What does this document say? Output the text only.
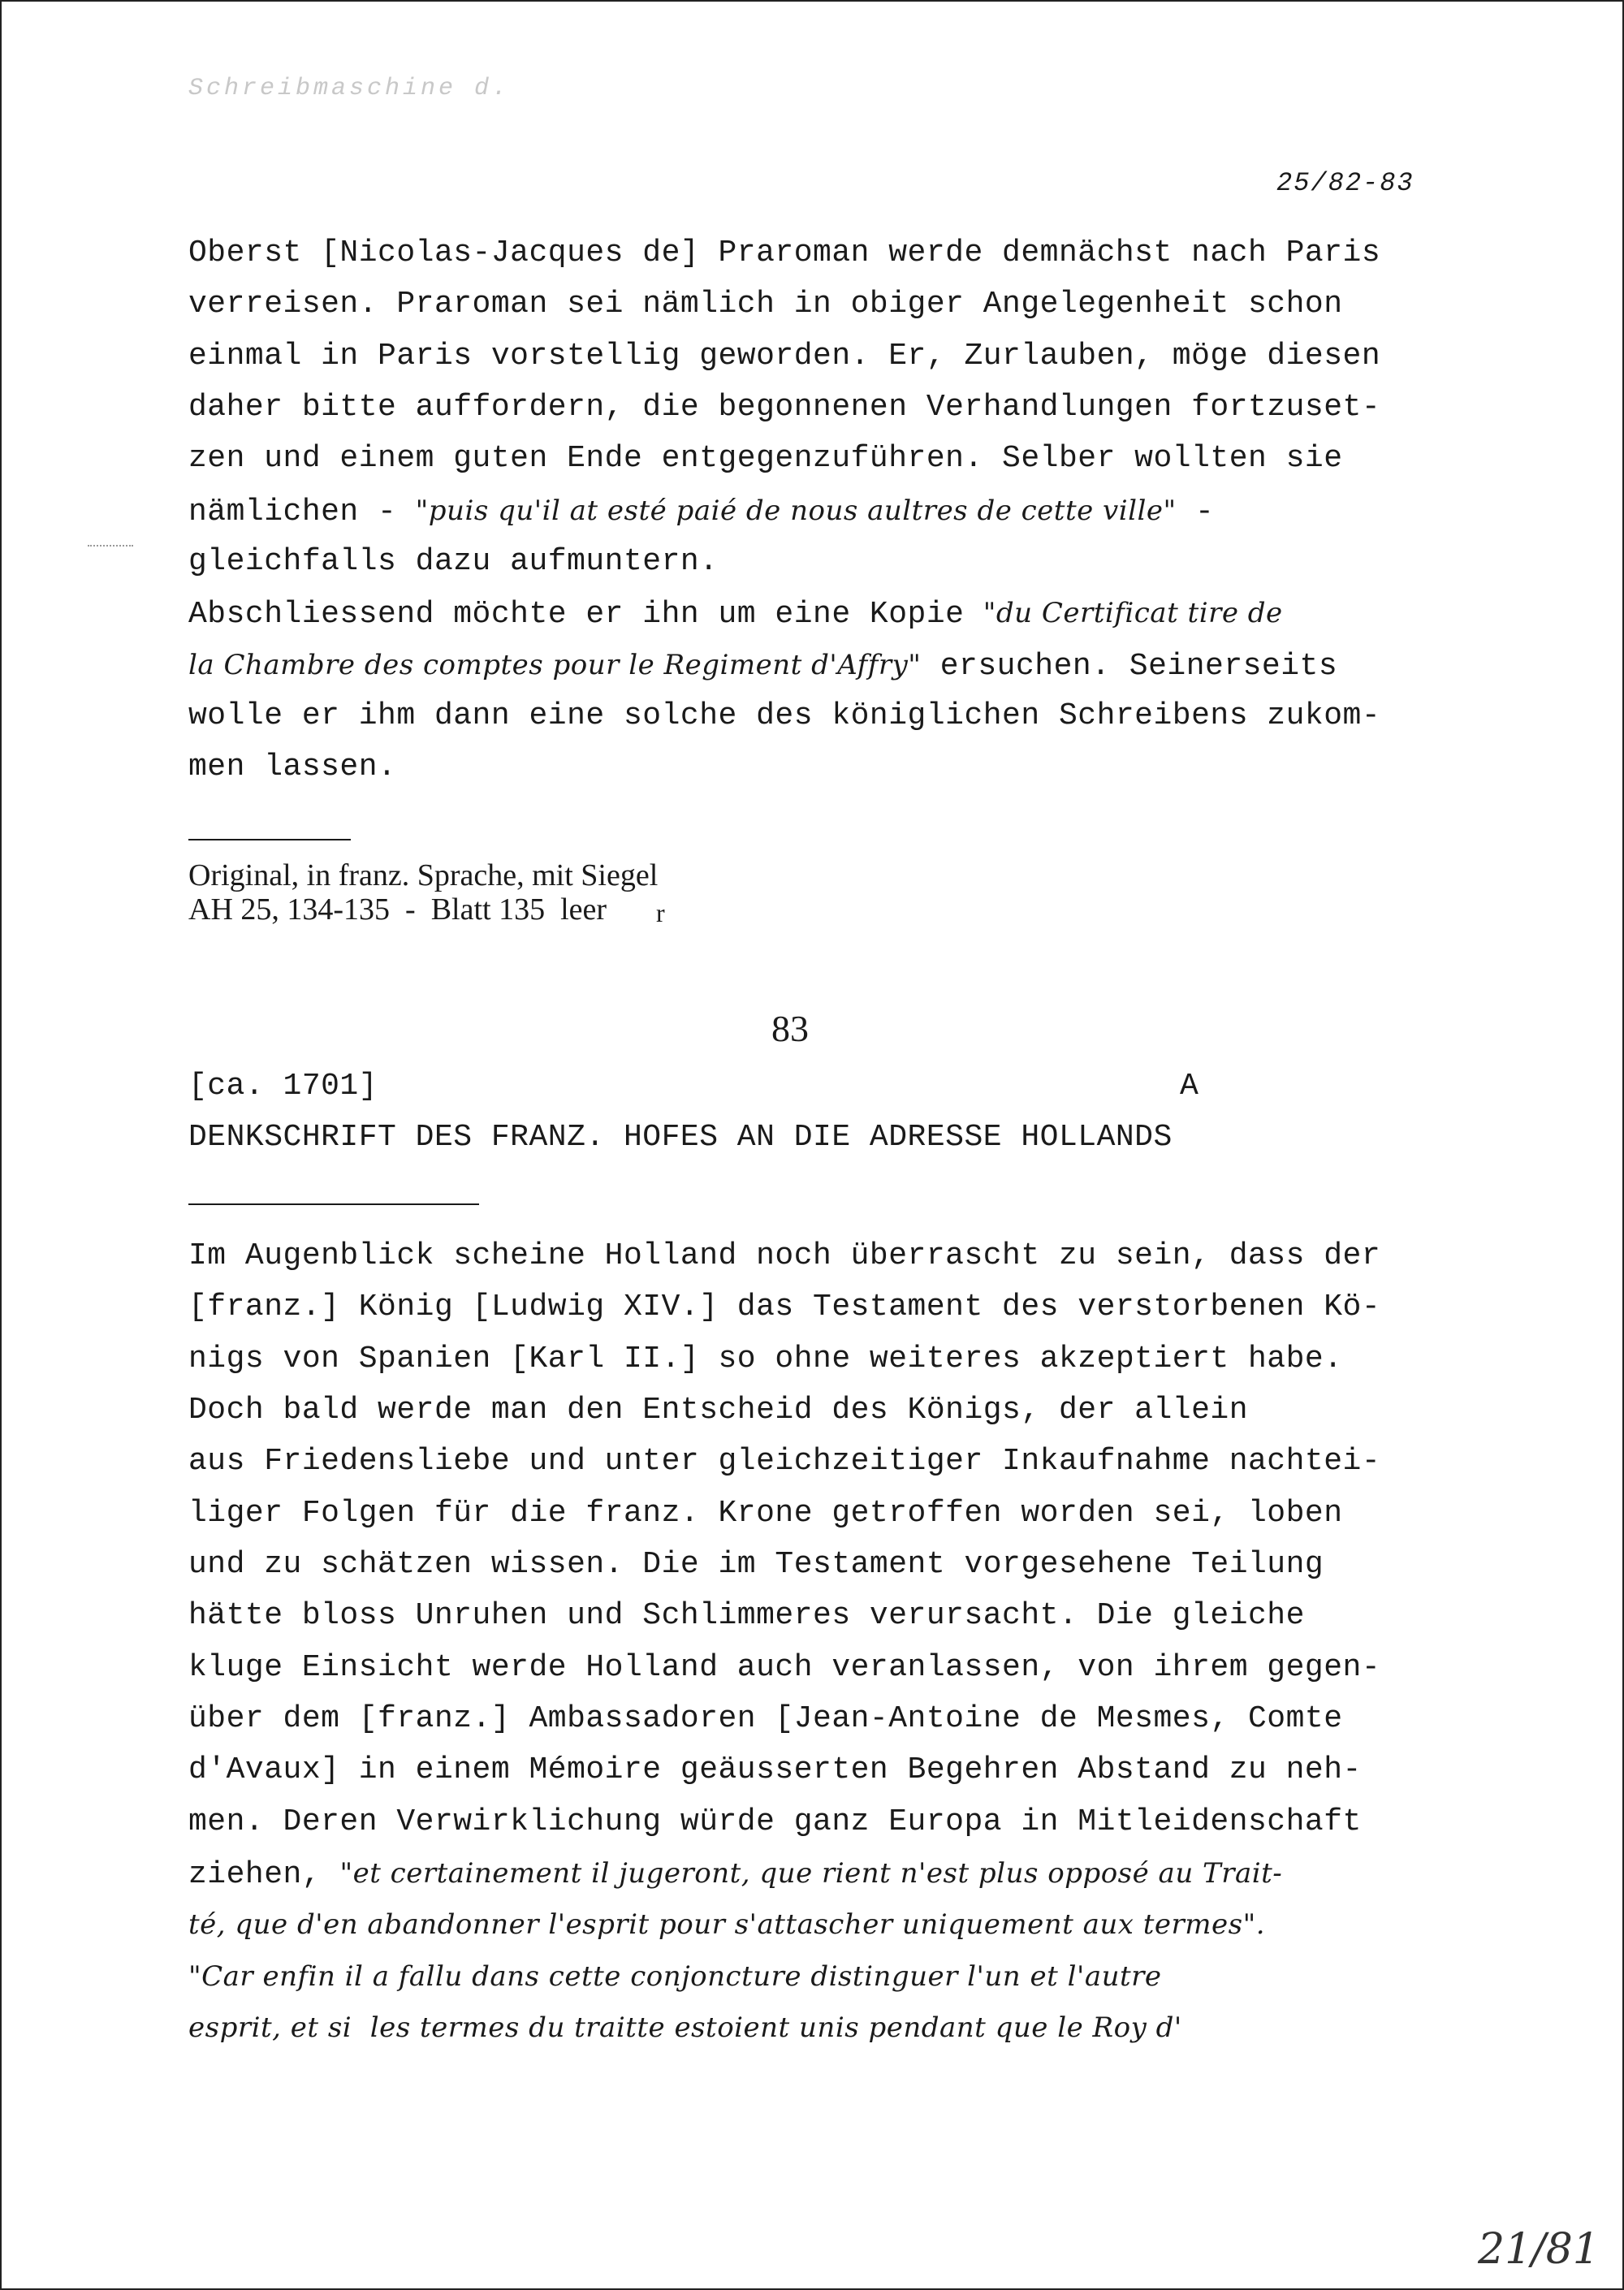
Schreibmaschine d.
25/82-83
Oberst [Nicolas-Jacques de] Praroman werde demnächst nach Paris
verreisen. Praroman sei nämlich in obiger Angelegenheit schon
einmal in Paris vorstellig geworden. Er, Zurlauben, möge diesen
daher bitte auffordern, die begonnenen Verhandlungen fortzuset-
zen und einem guten Ende entgegenzuführen. Selber wollten sie
nämlichen - "puis qu'il at esté paié de nous aultres de cette ville" -
gleichfalls dazu aufmuntern.
Abschliessend möchte er ihn um eine Kopie "du Certificat tire de
la Chambre des comptes pour le Regiment d'Affry" ersuchen. Seinerseits
wolle er ihm dann eine solche des königlichen Schreibens zukom-
men lassen.
Original, in franz. Sprache, mit Siegel
AH 25, 134-135  -  Blatt 135  leer r
83
[ca. 1701]	A
DENKSCHRIFT DES FRANZ. HOFES AN DIE ADRESSE HOLLANDS
Im Augenblick scheine Holland noch überrascht zu sein, dass der
[franz.] König [Ludwig XIV.] das Testament des verstorbenen Kö-
nigs von Spanien [Karl II.] so ohne weiteres akzeptiert habe.
Doch bald werde man den Entscheid des Königs, der allein
aus Friedensliebe und unter gleichzeitiger Inkaufnahme nachtei-
liger Folgen für die franz. Krone getroffen worden sei, loben
und zu schätzen wissen. Die im Testament vorgesehene Teilung
hätte bloss Unruhen und Schlimmeres verursacht. Die gleiche
kluge Einsicht werde Holland auch veranlassen, von ihrem gegen-
über dem [franz.] Ambassadoren [Jean-Antoine de Mesmes, Comte
d'Avaux] in einem Mémoire geäusserten Begehren Abstand zu neh-
men. Deren Verwirklichung würde ganz Europa in Mitleidenschaft
ziehen, "et certainement il jugeront, que rient n'est plus opposé au Trait-
té, que d'en abandonner l'esprit pour s'attascher uniquement aux termes".
"Car enfin il a fallu dans cette conjoncture distinguer l'un et l'autre
esprit, et si  les termes du traitte estoient unis pendant que le Roy d'
21/81
